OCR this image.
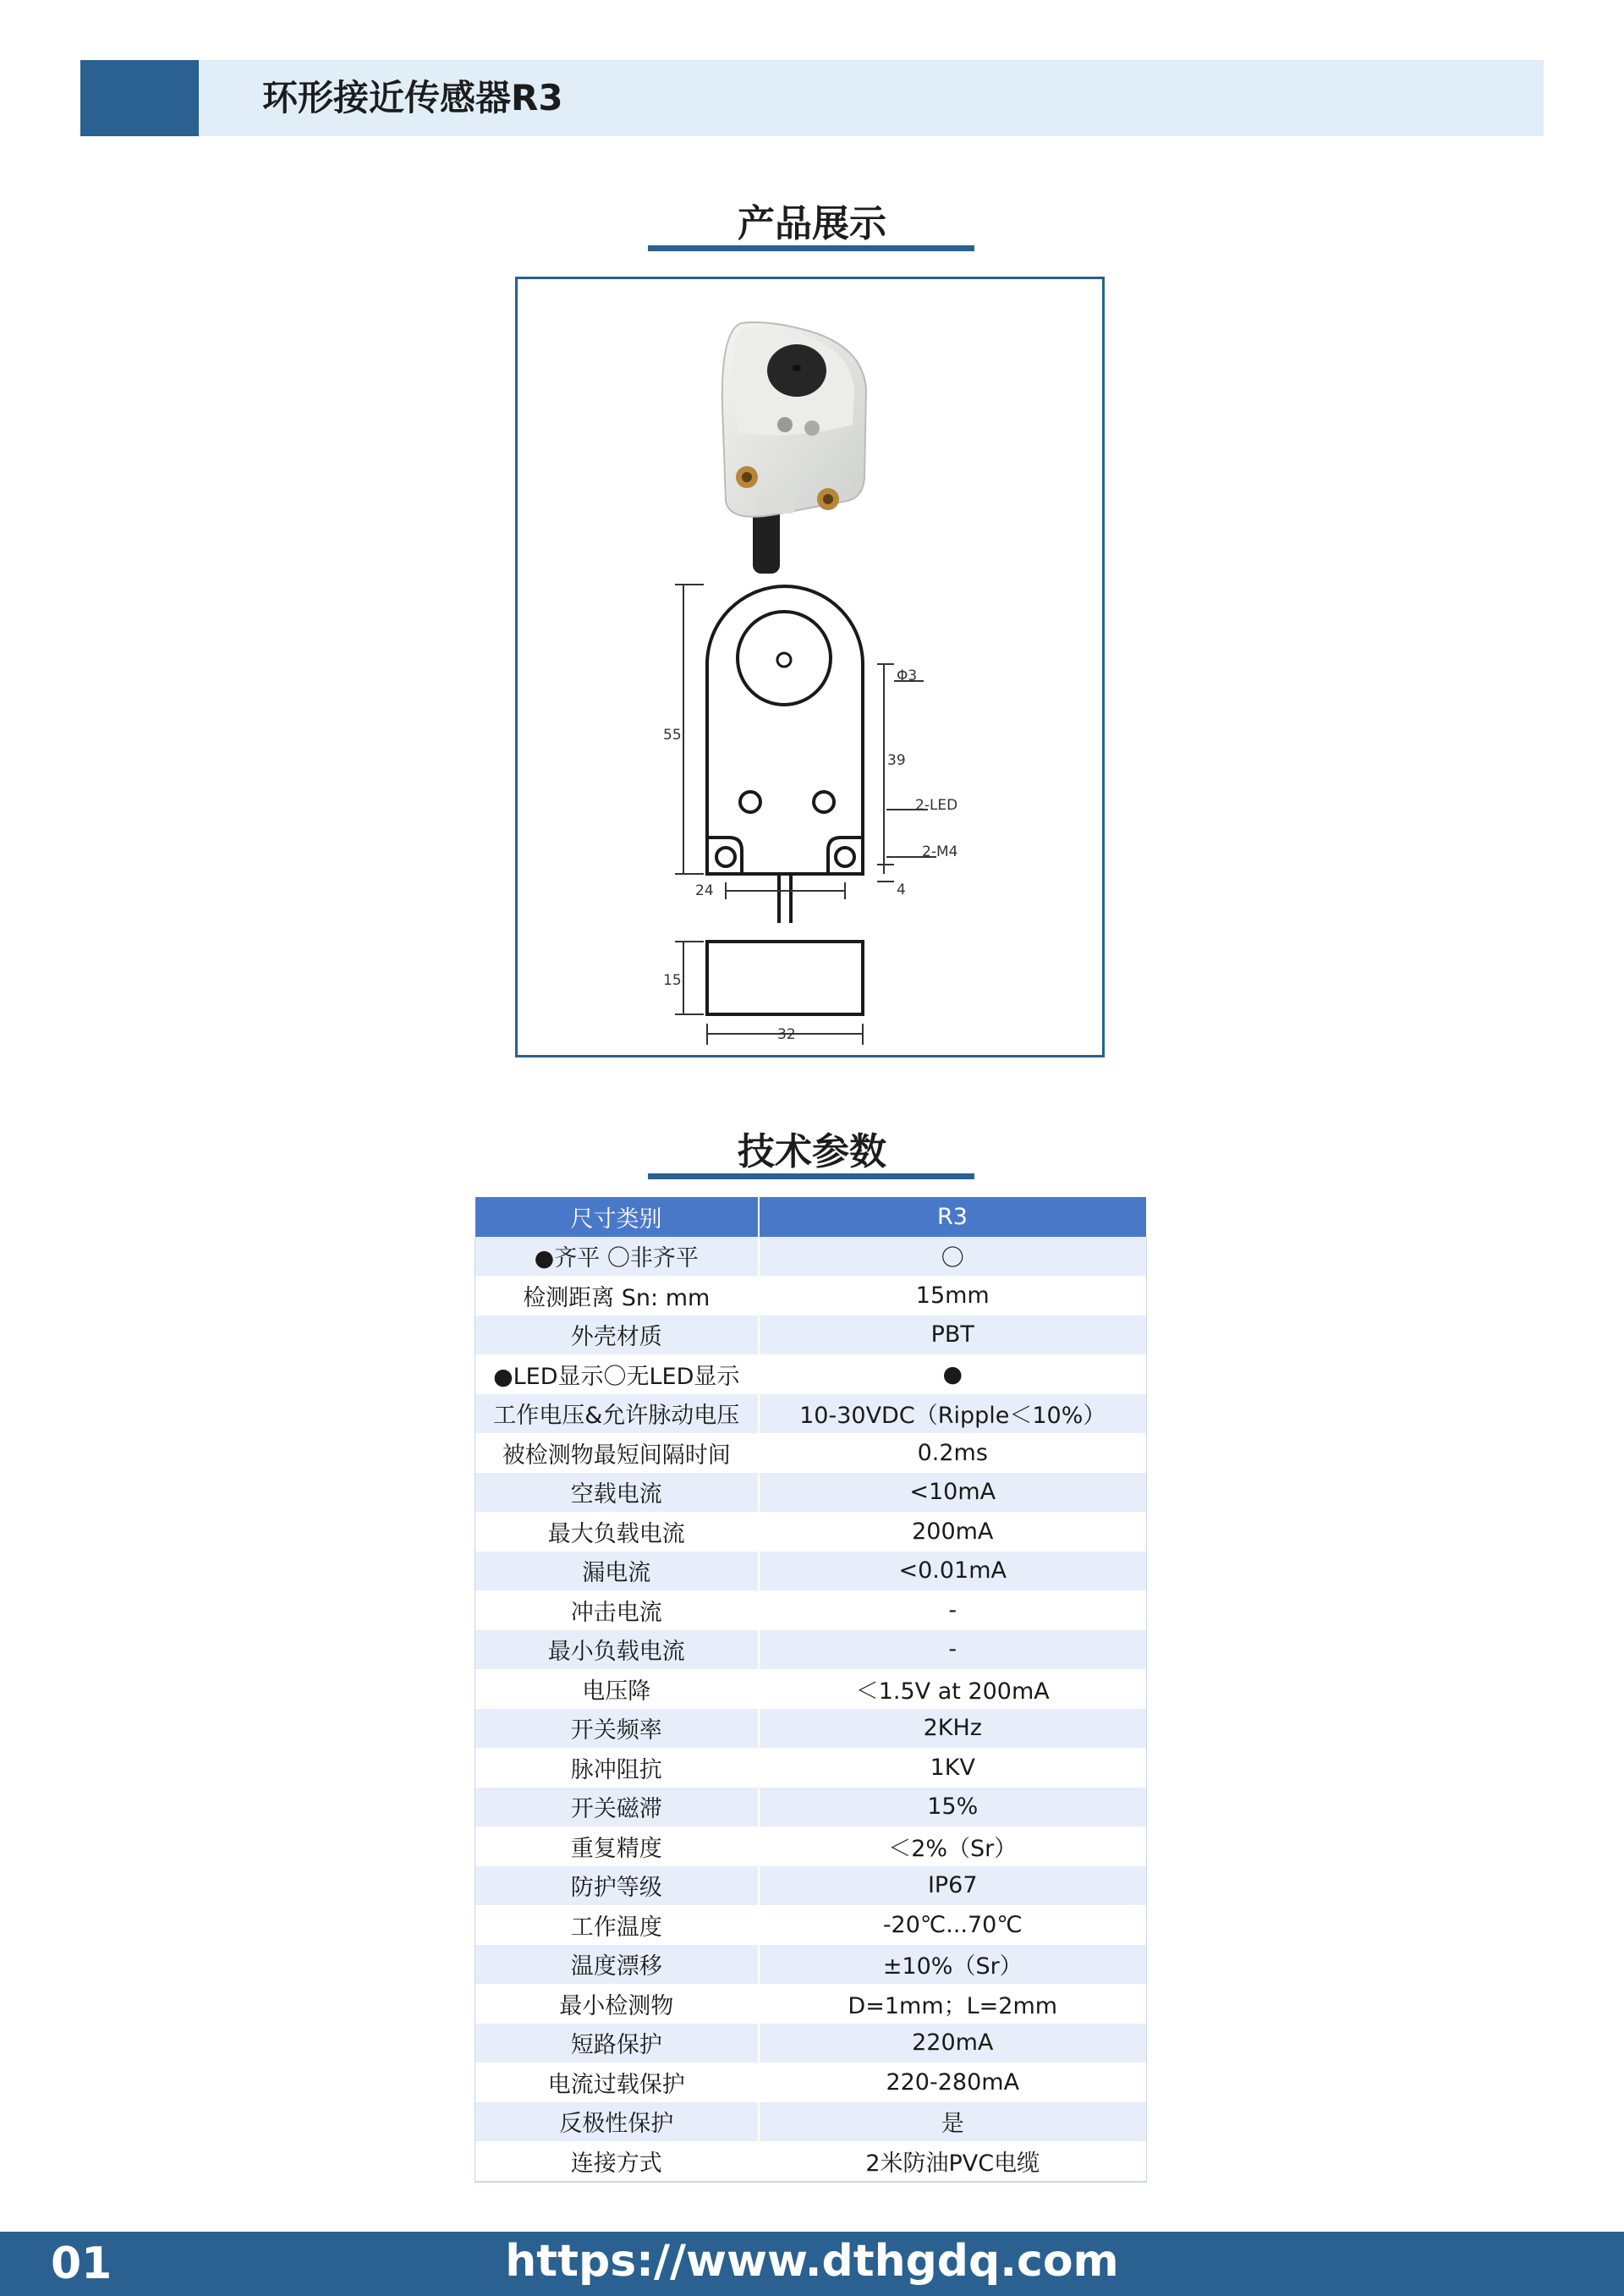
环形接近传感器R3
产品展示
55
24
Φ3
39
2-LED
2-M4
4
15
32
技术参数
尺寸类别	R3
●齐平 〇非齐平	〇
检测距离 Sn: mm	15mm
外壳材质	PBT
●LED显示〇无LED显示	●
工作电压&允许脉动电压	10-30VDC（Ripple＜10%）
被检测物最短间隔时间	0.2ms
空载电流	<10mA
最大负载电流	200mA
漏电流	<0.01mA
冲击电流	-
最小负载电流	-
电压降	＜1.5V at 200mA
开关频率	2KHz
脉冲阻抗	1KV
开关磁滞	15%
重复精度	＜2%（Sr）
防护等级	IP67
工作温度	-20℃...70℃
温度漂移	±10%（Sr）
最小检测物	D=1mm；L=2mm
短路保护	220mA
电流过载保护	220-280mA
反极性保护	是
连接方式	2米防油PVC电缆
https://www.dthgdq.com
01
